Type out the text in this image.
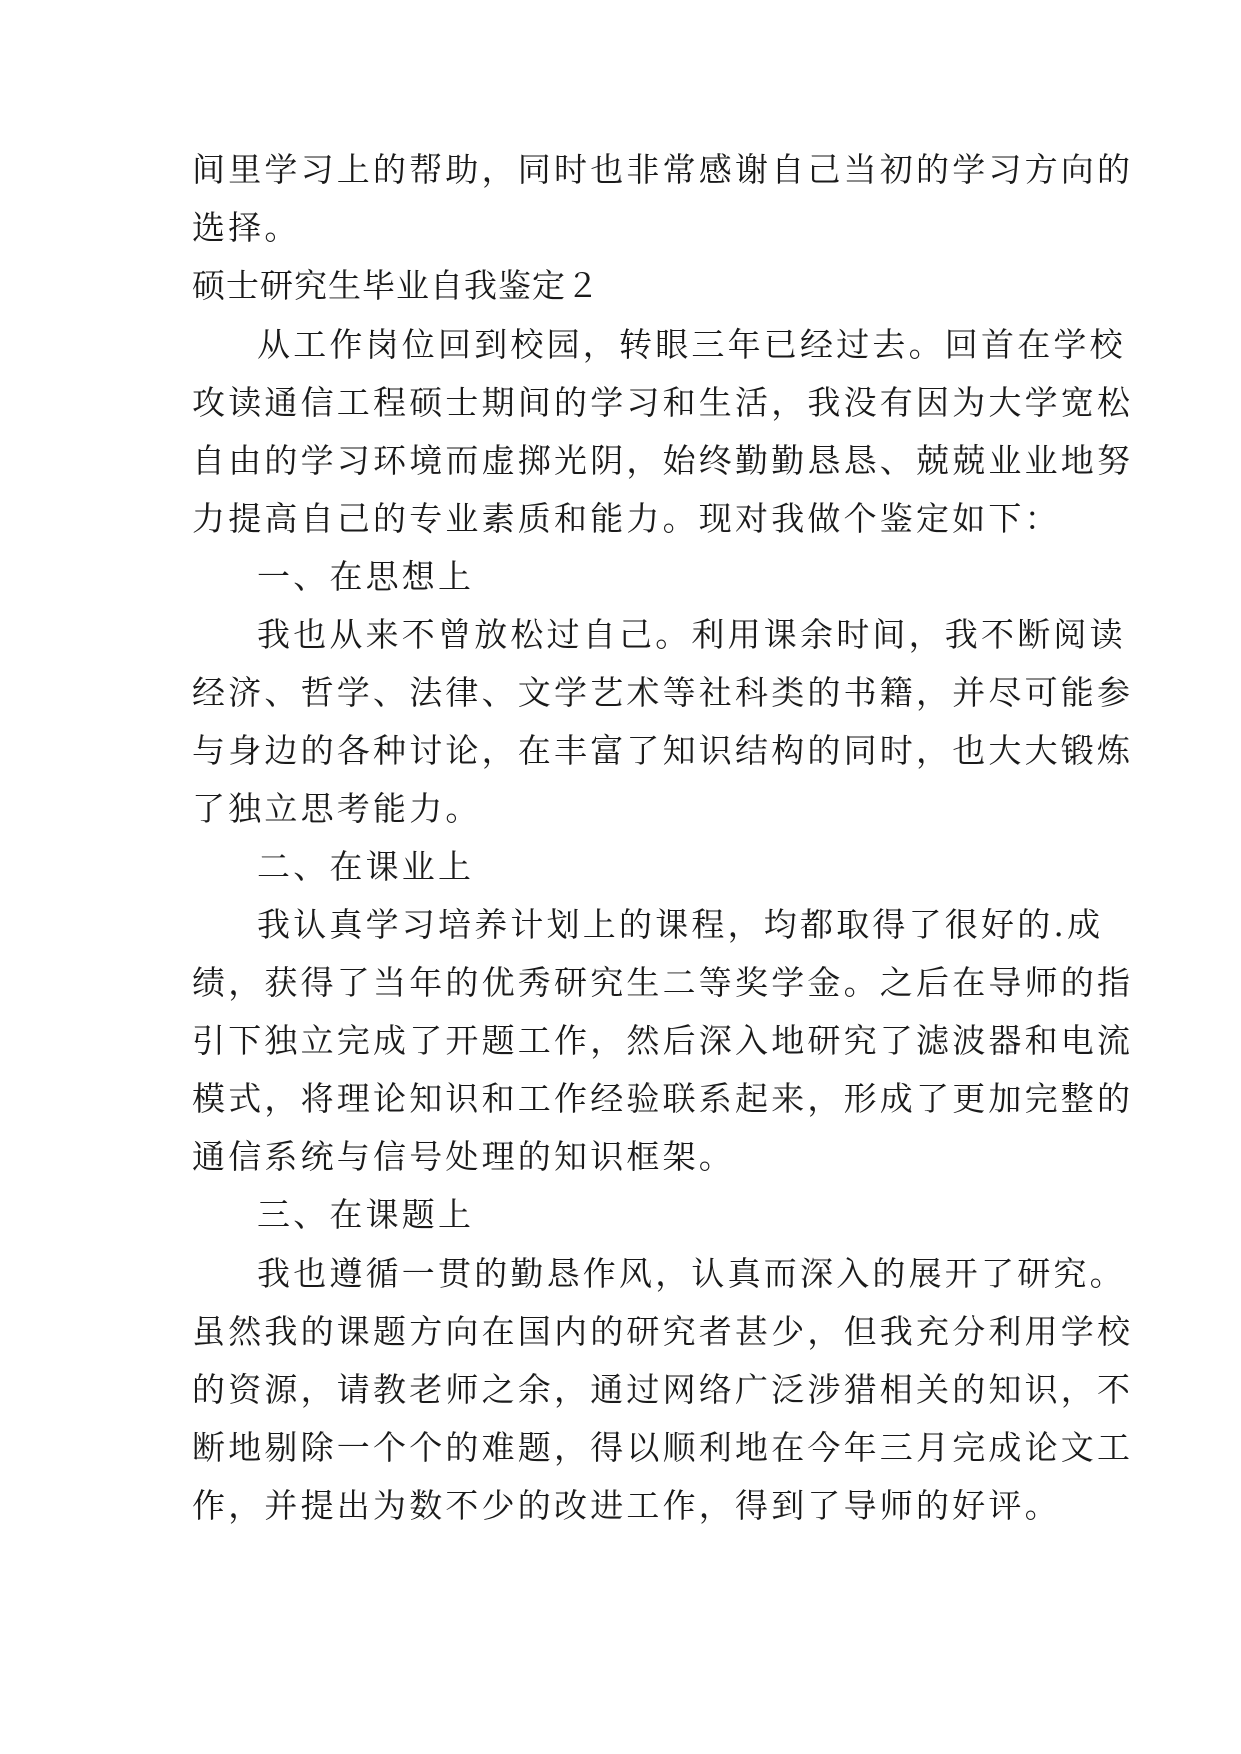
间里学习上的帮助，同时也非常感谢自己当初的学习方向的
选择。
硕士研究生毕业自我鉴定２
从工作岗位回到校园，转眼三年已经过去。回首在学校
攻读通信工程硕士期间的学习和生活，我没有因为大学宽松
自由的学习环境而虚掷光阴，始终勤勤恳恳、兢兢业业地努
力提高自己的专业素质和能力。现对我做个鉴定如下：
一、在思想上
我也从来不曾放松过自己。利用课余时间，我不断阅读
经济、哲学、法律、文学艺术等社科类的书籍，并尽可能参
与身边的各种讨论，在丰富了知识结构的同时，也大大锻炼
了独立思考能力。
二、在课业上
我认真学习培养计划上的课程，均都取得了很好的.成
绩，获得了当年的优秀研究生二等奖学金。之后在导师的指
引下独立完成了开题工作，然后深入地研究了滤波器和电流
模式，将理论知识和工作经验联系起来，形成了更加完整的
通信系统与信号处理的知识框架。
三、在课题上
我也遵循一贯的勤恳作风，认真而深入的展开了研究。
虽然我的课题方向在国内的研究者甚少，但我充分利用学校
的资源，请教老师之余，通过网络广泛涉猎相关的知识，不
断地剔除一个个的难题，得以顺利地在今年三月完成论文工
作，并提出为数不少的改进工作，得到了导师的好评。
